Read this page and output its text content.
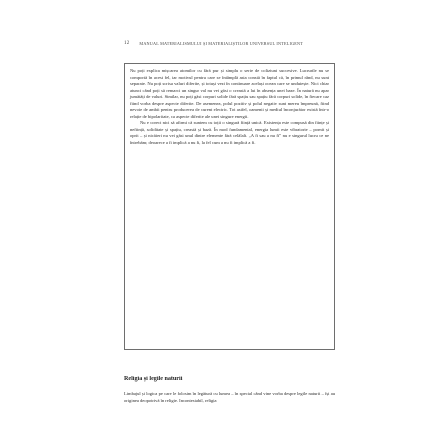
12 MANUAL MATERIALISMULUI ȘI MATERIALIȘTILOR UNIVERSUL INTELIGENT

Nu poți explica mișcarea atomilor cu fără pur și simplu o serie de coliziuni succesive. Lucrurile nu se comportă în acest fel, iar motivul pentru care se întâmplă asta constă în faptul că, în primul rând, nu sunt separate. Nu poți scrisa valuri diferite, și totuși vezi în continuare același ocean care se unduiește. Nici chiar atunci când poți să remarci un singur val nu vei găsi o creastă a lui în absența unei baze. În natură nu apar jumătăți de valuri. Similar, nu poți găsi corpuri solide fără spațiu sau spațiu fără corpuri solide, în fiecare caz fiind vorba despre aspecte diferite. De asemenea, polul pozitiv și polul negativ sunt mereu împreună, fiind nevoie de ambii pentru producerea de curent electric. Tot astfel, oamenii și mediul înconjurător există într-o relație de bipolaritate, ca aspecte diferite ale unei singure energii.

Nu e corect nici să afirmi că suntem cu toții o singură ființă unică. Existența este compusă din ființe și neființă, soliditate și spațiu, creastă și bază. În mod fundamental, energia lumii este vibratorie – pornit și oprit – și nicăieri nu vei găsi unul dintre elemente fără celălalt. „A fi sau a nu fi” nu e singurul lucru ce ne întrebăm; deoarece a fi implică a nu fi, la fel cum a nu fi implică a fi.

Religia și legile naturii

Limbajul și logica pe care le folosim în legătură cu lumea – în special când vine vorba despre legile naturii – își au originea deopotrivă în religie. Incontestabil, religia
